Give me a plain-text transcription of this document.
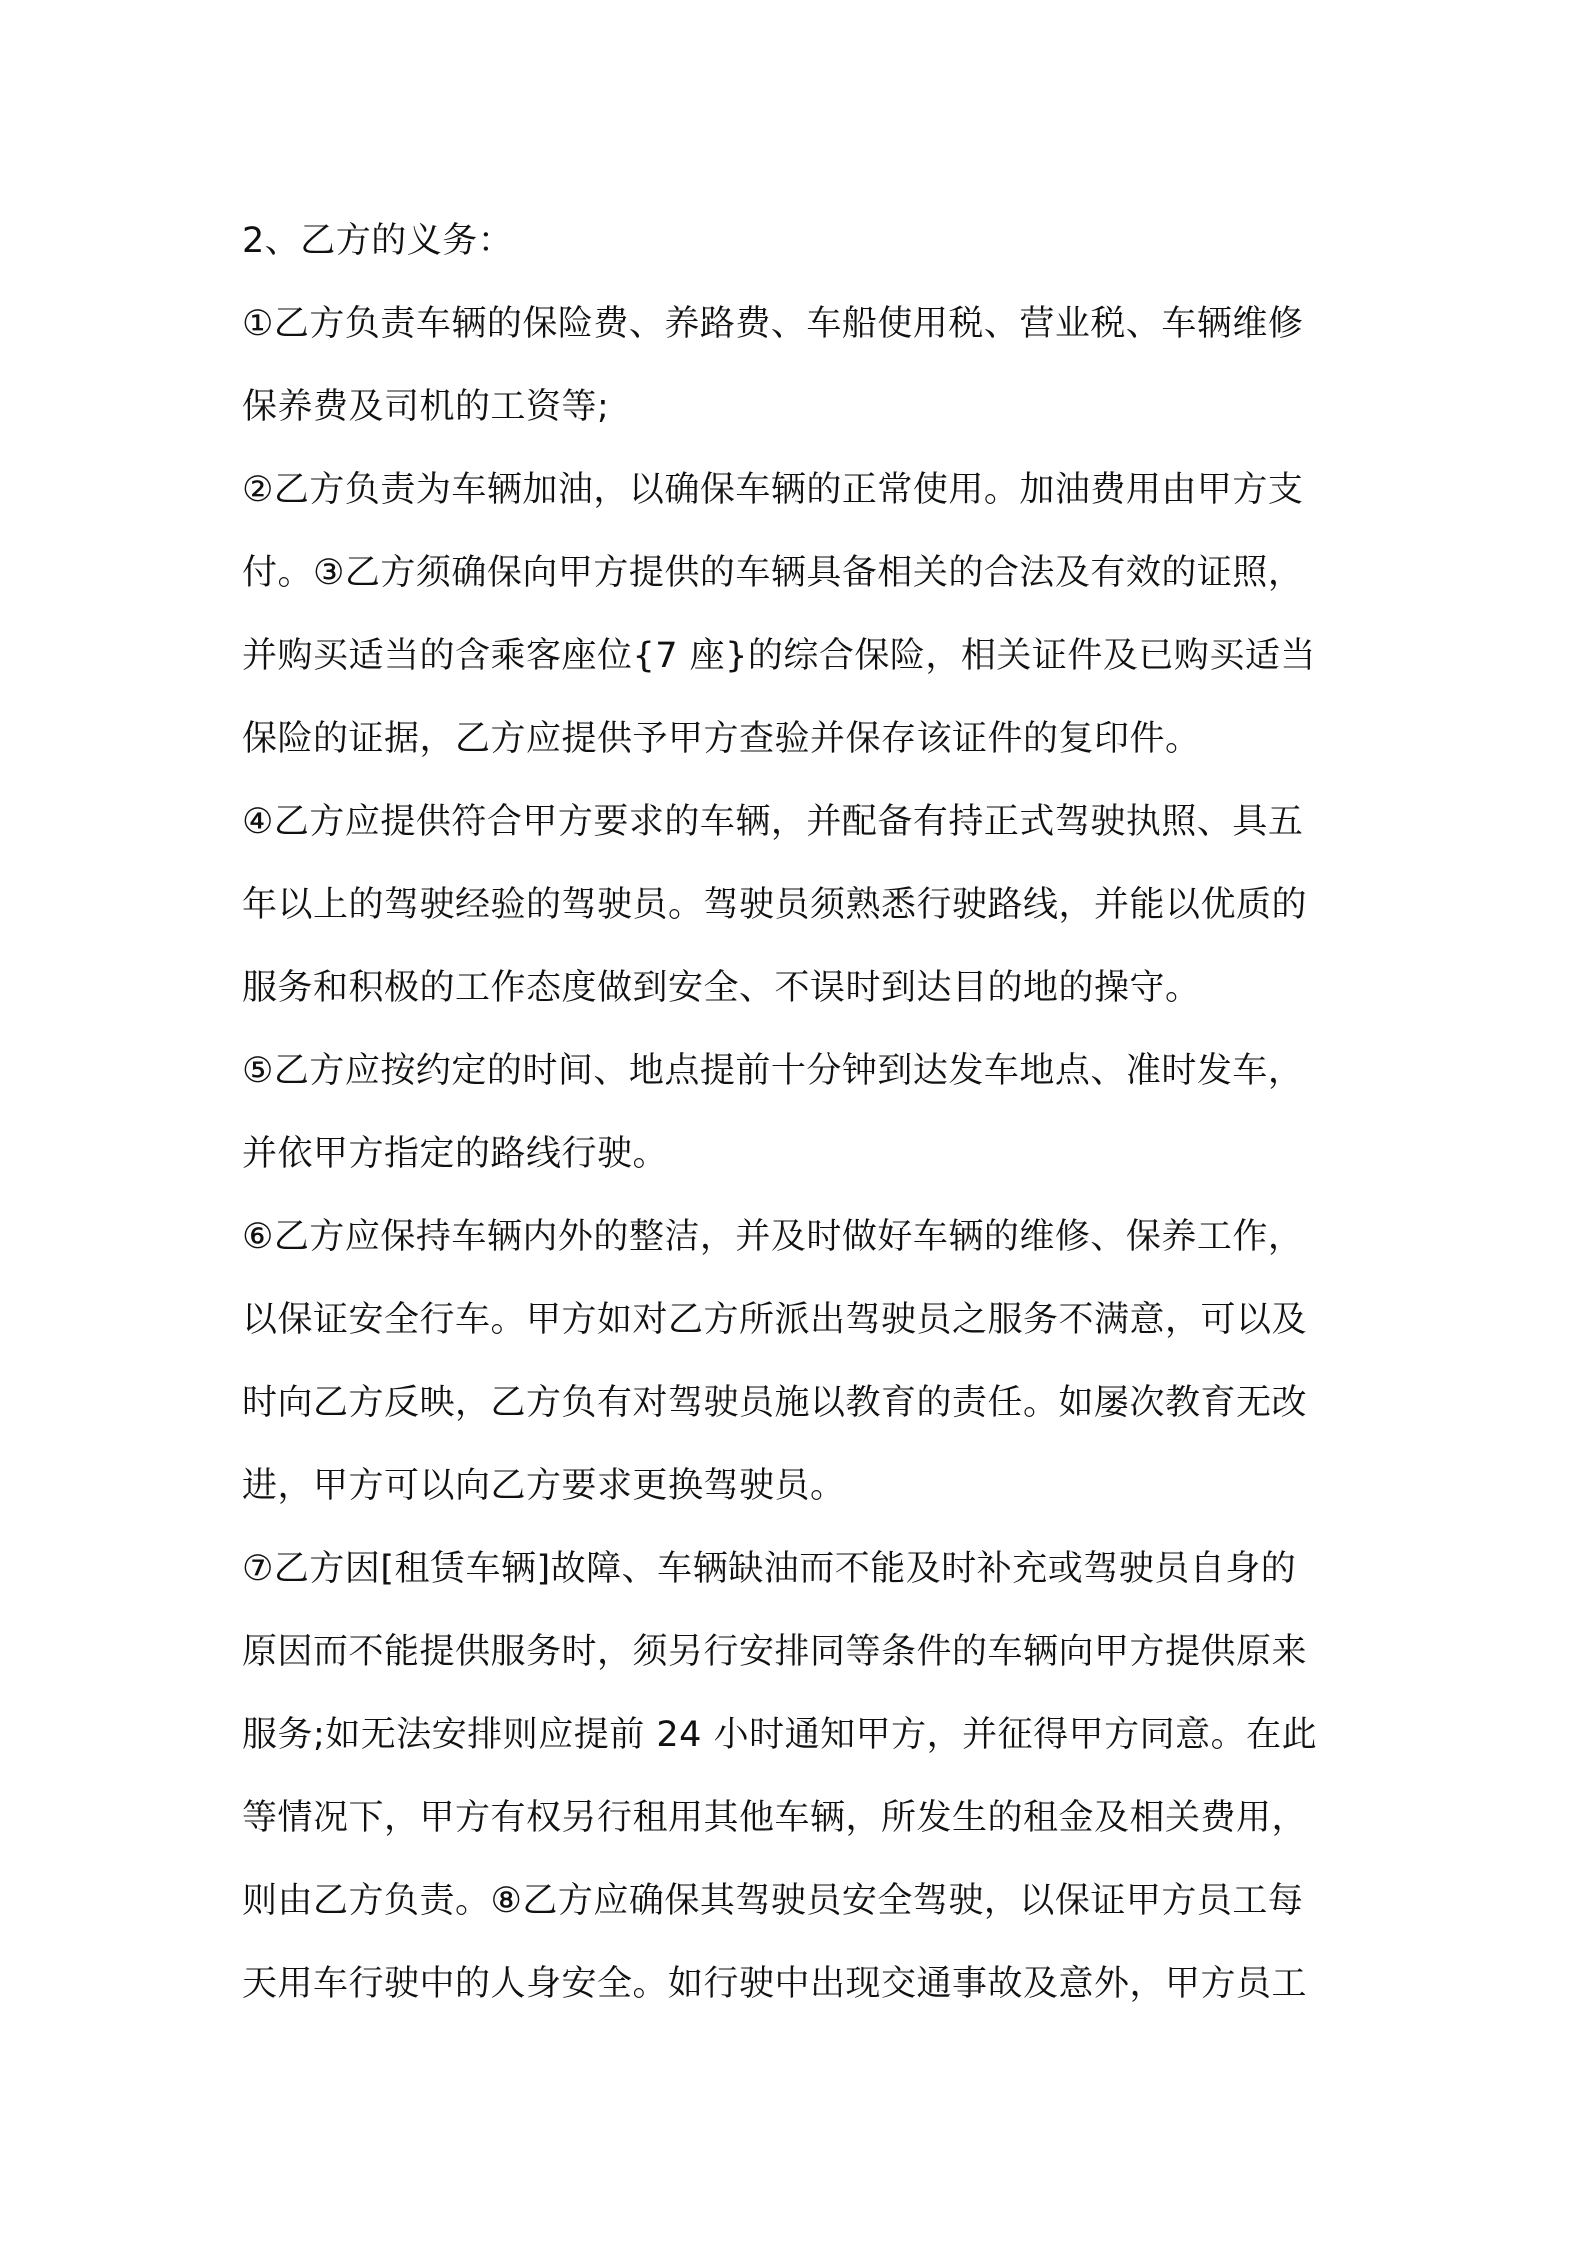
2、乙方的义务：
①乙方负责车辆的保险费、养路费、车船使用税、营业税、车辆维修
保养费及司机的工资等;
②乙方负责为车辆加油，以确保车辆的正常使用。加油费用由甲方支
付。③乙方须确保向甲方提供的车辆具备相关的合法及有效的证照，
并购买适当的含乘客座位{7 座}的综合保险，相关证件及已购买适当
保险的证据，乙方应提供予甲方查验并保存该证件的复印件。
④乙方应提供符合甲方要求的车辆，并配备有持正式驾驶执照、具五
年以上的驾驶经验的驾驶员。驾驶员须熟悉行驶路线，并能以优质的
服务和积极的工作态度做到安全、不误时到达目的地的操守。
⑤乙方应按约定的时间、地点提前十分钟到达发车地点、准时发车，
并依甲方指定的路线行驶。
⑥乙方应保持车辆内外的整洁，并及时做好车辆的维修、保养工作，
以保证安全行车。甲方如对乙方所派出驾驶员之服务不满意，可以及
时向乙方反映，乙方负有对驾驶员施以教育的责任。如屡次教育无改
进，甲方可以向乙方要求更换驾驶员。
⑦乙方因[租赁车辆]故障、车辆缺油而不能及时补充或驾驶员自身的
原因而不能提供服务时，须另行安排同等条件的车辆向甲方提供原来
服务;如无法安排则应提前 24 小时通知甲方，并征得甲方同意。在此
等情况下，甲方有权另行租用其他车辆，所发生的租金及相关费用，
则由乙方负责。⑧乙方应确保其驾驶员安全驾驶，以保证甲方员工每
天用车行驶中的人身安全。如行驶中出现交通事故及意外，甲方员工
